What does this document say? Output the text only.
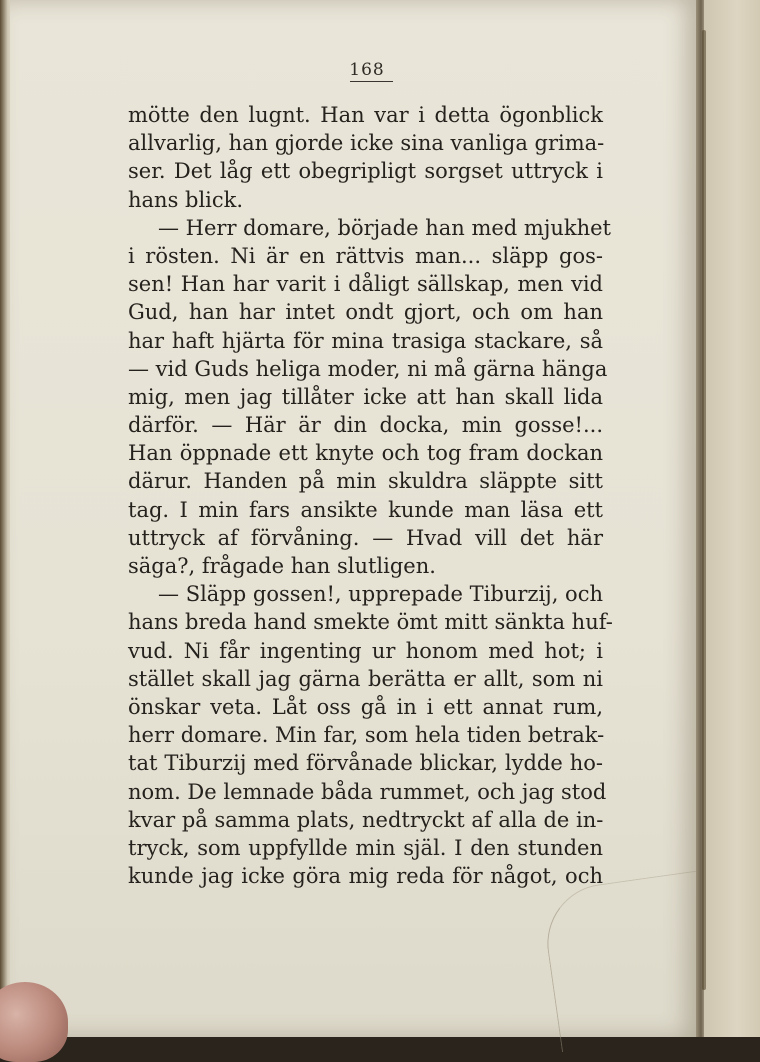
168
mötte den lugnt. Han var i detta ögonblick
allvarlig, han gjorde icke sina vanliga grima-
ser. Det låg ett obegripligt sorgset uttryck i
hans blick.
— Herr domare, började han med mjukhet
i rösten. Ni är en rättvis man... släpp gos-
sen! Han har varit i dåligt sällskap, men vid
Gud, han har intet ondt gjort, och om han
har haft hjärta för mina trasiga stackare, så
— vid Guds heliga moder, ni må gärna hänga
mig, men jag tillåter icke att han skall lida
därför. — Här är din docka, min gosse!...
Han öppnade ett knyte och tog fram dockan
därur. Handen på min skuldra släppte sitt
tag. I min fars ansikte kunde man läsa ett
uttryck af förvåning. — Hvad vill det här
säga?, frågade han slutligen.
— Släpp gossen!, upprepade Tiburzij, och
hans breda hand smekte ömt mitt sänkta huf-
vud. Ni får ingenting ur honom med hot; i
stället skall jag gärna berätta er allt, som ni
önskar veta. Låt oss gå in i ett annat rum,
herr domare. Min far, som hela tiden betrak-
tat Tiburzij med förvånade blickar, lydde ho-
nom. De lemnade båda rummet, och jag stod
kvar på samma plats, nedtryckt af alla de in-
tryck, som uppfyllde min själ. I den stunden
kunde jag icke göra mig reda för något, och
